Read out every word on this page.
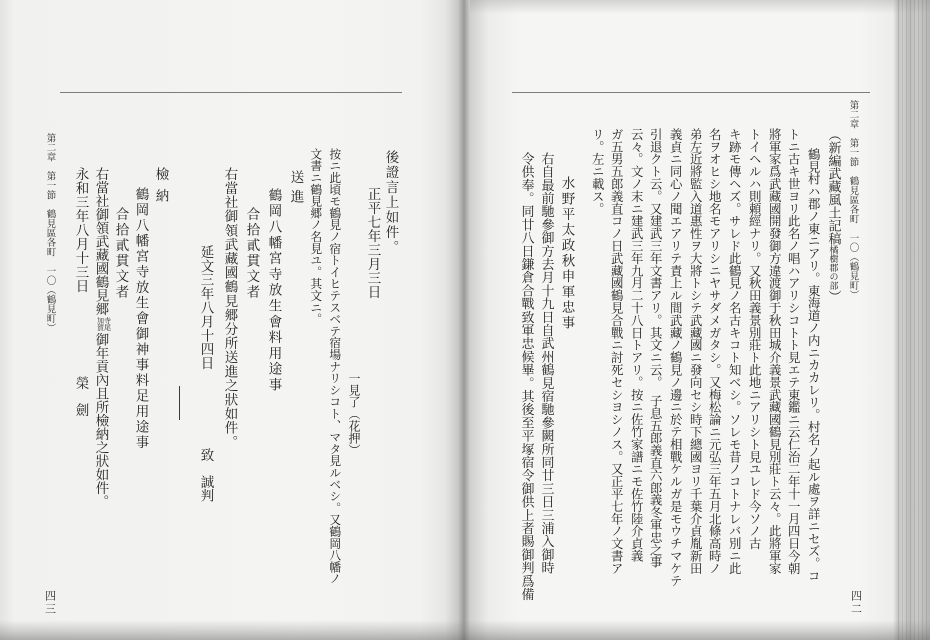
第二章　第一節　鶴見區各町　一〇（鶴見町）
四三
後證言上如件。
正平七年三月三日
一見了（花押）
按ニ此頃モ鶴見ノ宿トイヒテスベテ宿場ナリシコト、マタ見ルベシ。又鶴岡八幡ノ
文書ニ鶴見郷ノ名見ユ。其文ニ。
送進
鶴岡八幡宮寺放生會料用途事
合拾貳貫文者
右當社御領武藏國鶴見郷分所送進之狀如件。
延文三年八月十四日
致　誠判
檢納
鶴岡八幡宮寺放生會御神事料足用途事
合拾貳貫文者
右當社御領武藏國鶴見郷
寺尾
加賀
御年貢內且所檢納之狀如件。
永和三年八月十三日
榮　劍
第二章　第一節　鶴見區各町　一〇（鶴見町）
（新編武藏風土記稿橘樹郡の部）
鶴見村ハ郡ノ東ニアリ。東海道ノ内ニカカレリ。村名ノ起ル處ヲ詳ニセズ。コ
トニ古キ世ヨリ此名ノ唱ハアリシコトト見エテ東鑑ニ云仁治二年十一月四日今朝
將軍家爲武藏國開發御方違渡御于秋田城介義景武藏國鶴見別莊ト云々。此將軍家
トイヘルハ則頼經ナリ。又秋田義景別莊ト此地ニアリシト見ユレド今ソノ古
キ跡モ傳ヘズ。サレド此鶴見ノ名古キコト知ベシ。ソレモ昔ノコトナレバ別ニ此
名ヲオヒシ地名モアリシニヤサダメガタシ。又梅松論ニ元弘三年五月北條高時ノ
弟左近將監入道惠性ヲ大將トシテ武藏國ニ發向セシ時下總國ヨリ千葉介貞胤新田
義貞ニ同心ノ聞エアリテ責上ル間武藏ノ鶴見ノ邊ニ於テ相戰ケルガ是モウチマケテ
引退クト云。又建武三年文書アリ。其文ニ云。　子息五郎義直六郎義冬軍忠之事
云々。文ノ末ニ建武三年九月二十八日トアリ。按ニ佐竹家譜ニモ佐竹陸介貞義
ガ五男五郎義直コノ日武藏國鶴見合戰ニ討死セシヨシノス。又正平七年ノ文書ア
リ。左ニ載ス。
水野平太政秋申軍忠事
右自最前馳參御方去月十九日自武州鶴見宿馳參闕所同廿三日三浦入御時
令供奉。同廿八日鎌倉合戰致軍忠候畢。其後至平塚宿令御供上者賜御判爲備
四二
